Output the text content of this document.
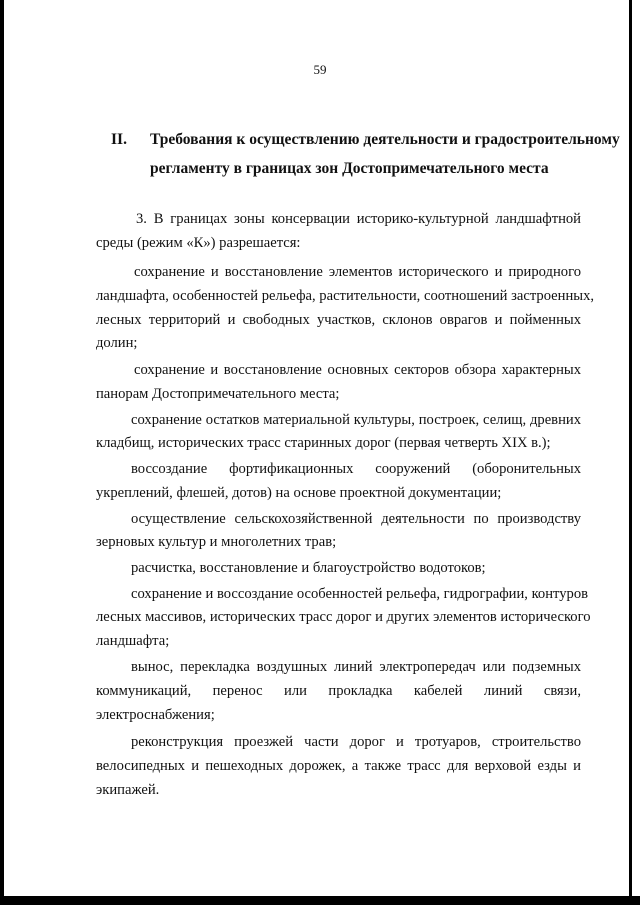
59
II. Требования к осуществлению деятельности и градостроительному
регламенту в границах зон Достопримечательного места
3. В границах зоны консервации историко-культурной ландшафтной
среды (режим «К») разрешается:
сохранение и восстановление элементов исторического и природного
ландшафта, особенностей рельефа, растительности, соотношений застроенных,
лесных территорий и свободных участков, склонов оврагов и пойменных
долин;
сохранение и восстановление основных секторов обзора характерных
панорам Достопримечательного места;
сохранение остатков материальной культуры, построек, селищ, древних
кладбищ, исторических трасс старинных дорог (первая четверть XIX в.);
воссоздание фортификационных сооружений (оборонительных
укреплений, флешей, дотов) на основе проектной документации;
осуществление сельскохозяйственной деятельности по производству
зерновых культур и многолетних трав;
расчистка, восстановление и благоустройство водотоков;
сохранение и воссоздание особенностей рельефа, гидрографии, контуров
лесных массивов, исторических трасс дорог и других элементов исторического
ландшафта;
вынос, перекладка воздушных линий электропередач или подземных
коммуникаций, перенос или прокладка кабелей линий связи,
электроснабжения;
реконструкция проезжей части дорог и тротуаров, строительство
велосипедных и пешеходных дорожек, а также трасс для верховой езды и
экипажей.
